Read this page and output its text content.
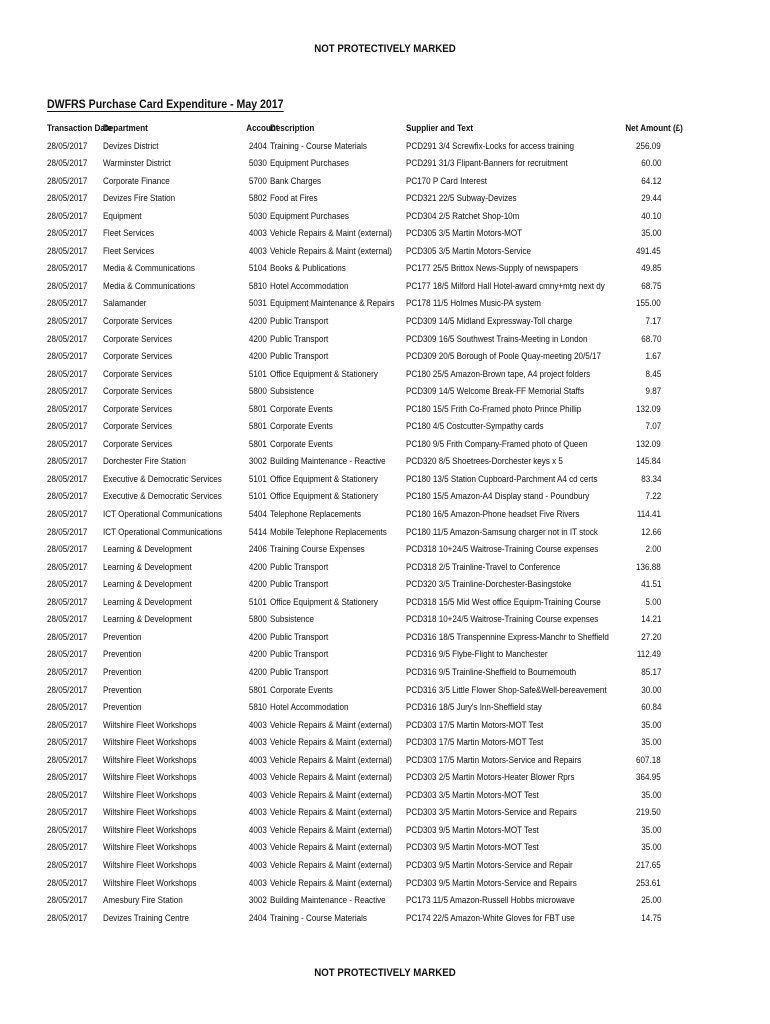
NOT PROTECTIVELY MARKED
DWFRS Purchase Card Expenditure - May 2017
Transaction Date	Department	Account	Description	Supplier and Text	Net Amount (£)
28/05/2017	Devizes District	2404	Training - Course Materials	PCD291 3/4 Screwfix-Locks for access training	256.09
28/05/2017	Warminster District	5030	Equipment Purchases	PCD291 31/3 Flipant-Banners for recruitment	60.00
28/05/2017	Corporate Finance	5700	Bank Charges	PC170 P Card Interest	64.12
28/05/2017	Devizes Fire Station	5802	Food at Fires	PCD321 22/5 Subway-Devizes	29.44
28/05/2017	Equipment	5030	Equipment Purchases	PCD304 2/5 Ratchet Shop-10m	40.10
28/05/2017	Fleet Services	4003	Vehicle Repairs & Maint (external)	PCD305 3/5 Martin Motors-MOT	35.00
28/05/2017	Fleet Services	4003	Vehicle Repairs & Maint (external)	PCD305 3/5 Martin Motors-Service	491.45
28/05/2017	Media & Communications	5104	Books & Publications	PC177 25/5 Brittox News-Supply of newspapers	49.85
28/05/2017	Media & Communications	5810	Hotel Accommodation	PC177 18/5 Milford Hall Hotel-award cmny+mtg next dy	68.75
28/05/2017	Salamander	5031	Equipment Maintenance & Repairs	PC178 11/5 Holmes Music-PA system	155.00
28/05/2017	Corporate Services	4200	Public Transport	PCD309 14/5 Midland Expressway-Toll charge	7.17
28/05/2017	Corporate Services	4200	Public Transport	PCD309 16/5 Southwest Trains-Meeting in London	68.70
28/05/2017	Corporate Services	4200	Public Transport	PCD309 20/5 Borough of Poole Quay-meeting 20/5/17	1.67
28/05/2017	Corporate Services	5101	Office Equipment & Stationery	PC180 25/5 Amazon-Brown tape, A4 project folders	8.45
28/05/2017	Corporate Services	5800	Subsistence	PCD309 14/5 Welcome Break-FF Memorial Staffs	9.87
28/05/2017	Corporate Services	5801	Corporate Events	PC180 15/5 Frith Co-Framed photo Prince Phillip	132.09
28/05/2017	Corporate Services	5801	Corporate Events	PC180 4/5 Costcutter-Sympathy cards	7.07
28/05/2017	Corporate Services	5801	Corporate Events	PC180 9/5 Frith Company-Framed photo of Queen	132.09
28/05/2017	Dorchester Fire Station	3002	Building Maintenance - Reactive	PCD320 8/5 Shoetrees-Dorchester keys x 5	145.84
28/05/2017	Executive & Democratic Services	5101	Office Equipment & Stationery	PC180 13/5 Station Cupboard-Parchment A4 cd certs	83.34
28/05/2017	Executive & Democratic Services	5101	Office Equipment & Stationery	PC180 15/5 Amazon-A4 Display stand - Poundbury	7.22
28/05/2017	ICT Operational Communications	5404	Telephone Replacements	PC180 16/5 Amazon-Phone headset Five Rivers	114.41
28/05/2017	ICT Operational Communications	5414	Mobile Telephone Replacements	PC180 11/5 Amazon-Samsung charger not in IT stock	12.66
28/05/2017	Learning & Development	2406	Training Course Expenses	PCD318 10+24/5 Waitrose-Training Course expenses	2.00
28/05/2017	Learning & Development	4200	Public Transport	PCD318 2/5 Trainline-Travel to Conference	136.88
28/05/2017	Learning & Development	4200	Public Transport	PCD320 3/5 Trainline-Dorchester-Basingstoke	41.51
28/05/2017	Learning & Development	5101	Office Equipment & Stationery	PCD318 15/5 Mid West office Equipm-Training Course	5.00
28/05/2017	Learning & Development	5800	Subsistence	PCD318 10+24/5 Waitrose-Training Course expenses	14.21
28/05/2017	Prevention	4200	Public Transport	PCD316 18/5 Transpennine Express-Manchr to Sheffield	27.20
28/05/2017	Prevention	4200	Public Transport	PCD316 9/5 Flybe-Flight to Manchester	112.49
28/05/2017	Prevention	4200	Public Transport	PCD316 9/5 Trainline-Sheffield to Bournemouth	85.17
28/05/2017	Prevention	5801	Corporate Events	PCD316 3/5 Little Flower Shop-Safe&Well-bereavement	30.00
28/05/2017	Prevention	5810	Hotel Accommodation	PCD316 18/5 Jury's Inn-Sheffield stay	60.84
28/05/2017	Wiltshire Fleet Workshops	4003	Vehicle Repairs & Maint (external)	PCD303 17/5 Martin Motors-MOT Test	35.00
28/05/2017	Wiltshire Fleet Workshops	4003	Vehicle Repairs & Maint (external)	PCD303 17/5 Martin Motors-MOT Test	35.00
28/05/2017	Wiltshire Fleet Workshops	4003	Vehicle Repairs & Maint (external)	PCD303 17/5 Martin Motors-Service and Repairs	607.18
28/05/2017	Wiltshire Fleet Workshops	4003	Vehicle Repairs & Maint (external)	PCD303 2/5 Martin Motors-Heater Blower Rprs	364.95
28/05/2017	Wiltshire Fleet Workshops	4003	Vehicle Repairs & Maint (external)	PCD303 3/5 Martin Motors-MOT Test	35.00
28/05/2017	Wiltshire Fleet Workshops	4003	Vehicle Repairs & Maint (external)	PCD303 3/5 Martin Motors-Service and Repairs	219.50
28/05/2017	Wiltshire Fleet Workshops	4003	Vehicle Repairs & Maint (external)	PCD303 9/5 Martin Motors-MOT Test	35.00
28/05/2017	Wiltshire Fleet Workshops	4003	Vehicle Repairs & Maint (external)	PCD303 9/5 Martin Motors-MOT Test	35.00
28/05/2017	Wiltshire Fleet Workshops	4003	Vehicle Repairs & Maint (external)	PCD303 9/5 Martin Motors-Service and Repair	217.65
28/05/2017	Wiltshire Fleet Workshops	4003	Vehicle Repairs & Maint (external)	PCD303 9/5 Martin Motors-Service and Repairs	253.61
28/05/2017	Amesbury Fire Station	3002	Building Maintenance - Reactive	PC173 11/5 Amazon-Russell Hobbs microwave	25.00
28/05/2017	Devizes Training Centre	2404	Training - Course Materials	PC174 22/5 Amazon-White Gloves for FBT use	14.75
NOT PROTECTIVELY MARKED
